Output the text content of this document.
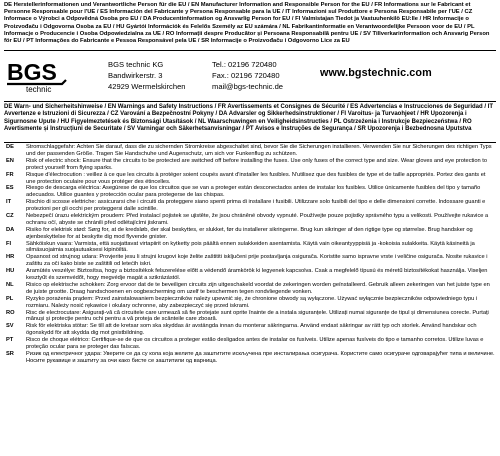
DE Herstellerinformationen und Verantwortliche Person für die EU / EN Manufacturer Information and Responsible Person for the EU / FR Informations sur le Fabricant et Personne Responsable pour l'UE / ES Información del Fabricante y Persona Responsable para la UE / IT Informazioni sul Produttore e Persona Responsabile per l'UE / CZ Informace o Výrobci a Odpovědná Osoba pro EU / DA Producentinformation og Ansvarlig Person for EU / FI Valmistajan Tiedot ja Vastuuhenkilö EU:lle / HR Informacije o Proizvođaču i Odgovorna Osoba za EU / HU Gyártói Információk és Felelős Személy az EU számára / NL Fabrikantinformatie en Verantwoordelijke Persoon voor de EU / PL Informacje o Producencie i Osoba Odpowiedzialna za UE / RO Informații despre Producător și Persoana Responsabilă pentru UE / SV Tillverkarinformation och Ansvarig Person för EU / PT Informações do Fabricante e Pessoa Responsável pela UE / SR Informacije o Proizvođaču i Odgovorno Lice za EU
BGS
technic
BGS technic KG
Bandwirkerstr. 3
42929 Wermelskirchen
Tel.: 02196 720480
Fax.: 02196 720480
mail@bgs-technic.de
www.bgstechnic.com
DE Warn- und Sicherheitshinweise / EN Warnings and Safety Instructions / FR Avertissements et Consignes de Sécurité / ES Advertencias e Instrucciones de Seguridad / IT Avvertenze e Istruzioni di Sicurezza / CZ Varování a Bezpečnostní Pokyny / DA Advarsler og Sikkerhedsinstruktioner / FI Varoitus- ja Turvaohjeet / HR Upozorenja i Sigurnosne Upute / HU Figyelmeztetések és Biztonsági Utasítások / NL Waarschuwingen en Veiligheidsinstructies / PL Ostrzeżenia i Instrukcje Bezpieczeństwa / RO Avertismente și Instrucțiuni de Securitate / SV Varningar och Säkerhetsanvisningar / PT Avisos e Instruções de Segurança / SR Upozorenja i Bezbednosna Uputstva
DE	Stromschlaggefahr: Achten Sie darauf, dass die zu sichernden Stromkreise abgeschaltet sind, bevor Sie die Sicherungen installieren. Verwenden Sie nur Sicherungen des richtigen Typs und der passenden Größe. Tragen Sie Handschuhe und Augenschutz, um sich vor Funkenflug zu schützen.
EN	Risk of electric shock: Ensure that the circuits to be protected are switched off before installing the fuses. Use only fuses of the correct type and size. Wear gloves and eye protection to protect yourself from flying sparks.
FR	Risque d'électrocution : veillez à ce que les circuits à protéger soient coupés avant d'installer les fusibles. N'utilisez que des fusibles de type et de taille appropriés. Portez des gants et une protection oculaire pour vous protéger des étincelles.
ES	Riesgo de descarga eléctrica: Asegúrese de que los circuitos que se van a proteger están desconectados antes de instalar los fusibles. Utilice únicamente fusibles del tipo y tamaño adecuados. Utilice guantes y protección ocular para protegerse de las chispas.
IT	Rischio di scosse elettriche: assicurarsi che i circuiti da proteggere siano spenti prima di installare i fusibili. Utilizzare solo fusibili del tipo e delle dimensioni corrette. Indossare guanti e protezioni per gli occhi per proteggersi dalle scintille.
CZ	Nebezpečí úrazu elektrickým proudem: Před instalací pojistek se ujistěte, že jsou chráněné obvody vypnuté. Používejte pouze pojistky správného typu a velikosti. Používejte rukavice a ochranu očí, abyste se chránili před odlétajícími jiskrami.
DA	Risiko for elektrisk stød: Sørg for, at de kredsløb, der skal beskyttes, er slukket, før du installerer sikringerne. Brug kun sikringer af den rigtige type og størrelse. Brug handsker og øjenbeskyttelse for at beskytte dig mod flyvende gnister.
FI	Sähköiskun vaara: Varmista, että suojattavat virtapiirit on kytketty pois päältä ennen sulakkeiden asentamista. Käytä vain oikeantyyppisiä ja -kokoisia sulakkeita. Käytä käsineitä ja silmäsuojaimia suojautuaksesi kipinöiltä.
HR	Opasnost od strujnog udara: Provjerite jesu li strujni krugovi koje želite zaštititi isključeni prije postavljanja osigurača. Koristite samo ispravne vrste i veličine osigurača. Nosite rukavice i zaštitu za oči kako biste se zaštitili od letećih iskri.
HU	Áramütés veszélye: Biztosítsa, hogy a biztosítékok felszerelése előtt a védendő áramkörök ki legyenek kapcsolva. Csak a megfelelő típusú és méretű biztosítékokat használja. Viseljen kesztyűt és szemvédőt, hogy megvédje magát a szikrázástól.
NL	Risico op elektrische schokken: Zorg ervoor dat de te beveiligen circuits zijn uitgeschakeld voordat de zekeringen worden geïnstalleerd. Gebruik alleen zekeringen van het juiste type en de juiste grootte. Draag handschoenen en oogbescherming om uzelf te beschermen tegen rondvliegende vonken.
PL	Ryzyko porażenia prądem: Przed zainstalowaniem bezpieczników należy upewnić się, że chronione obwody są wyłączone. Używać wyłącznie bezpieczników odpowiedniego typu i rozmiaru. Należy nosić rękawice i okulary ochronne, aby zabezpieczyć się przed iskrami.
RO	Risc de electrocutare: Asigurați-vă că circuitele care urmează să fie protejate sunt oprite înainte de a instala siguranțele. Utilizați numai siguranțe de tipul și dimensiunea corecte. Purtați mănuși și protecție pentru ochi pentru a vă proteja de scânteile care zboară.
SV	Risk för elektriska stötar: Se till att de kretsar som ska skyddas är avstängda innan du monterar säkringarna. Använd endast säkringar av rätt typ och storlek. Använd handskar och ögonskydd för att skydda dig mot gnistbildning.
PT	Risco de choque elétrico: Certifique-se de que os circuitos a proteger estão desligados antes de instalar os fusíveis. Utilize apenas fusíveis do tipo e tamanho corretos. Utilize luvas e proteção ocular para se proteger das faíscas.
SR	Ризик од електричног удара: Уверите се да су кола која желите да заштитите искључена пре инсталирања осигурача. Користите само осигураче одговарајућег типа и величине. Носите рукавице и заштиту за очи како бисте се заштитили од варница.
